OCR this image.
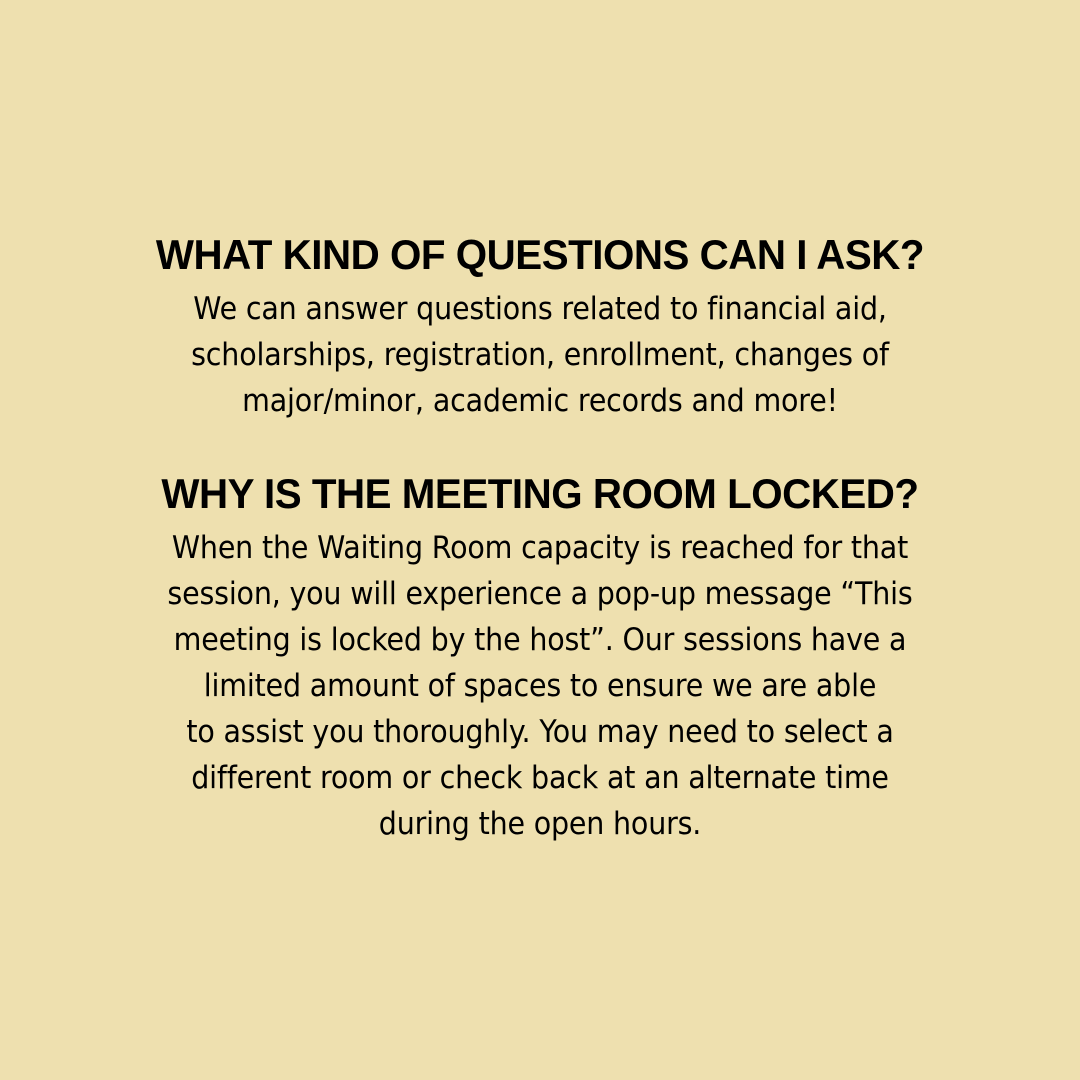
WHAT KIND OF QUESTIONS CAN I ASK?

We can answer questions related to financial aid,
scholarships, registration, enrollment, changes of
major/minor, academic records and more!

WHY IS THE MEETING ROOM LOCKED?

When the Waiting Room capacity is reached for that
session, you will experience a pop-up message “This
meeting is locked by the host”. Our sessions have a
limited amount of spaces to ensure we are able
to assist you thoroughly. You may need to select a
different room or check back at an alternate time
during the open hours.
